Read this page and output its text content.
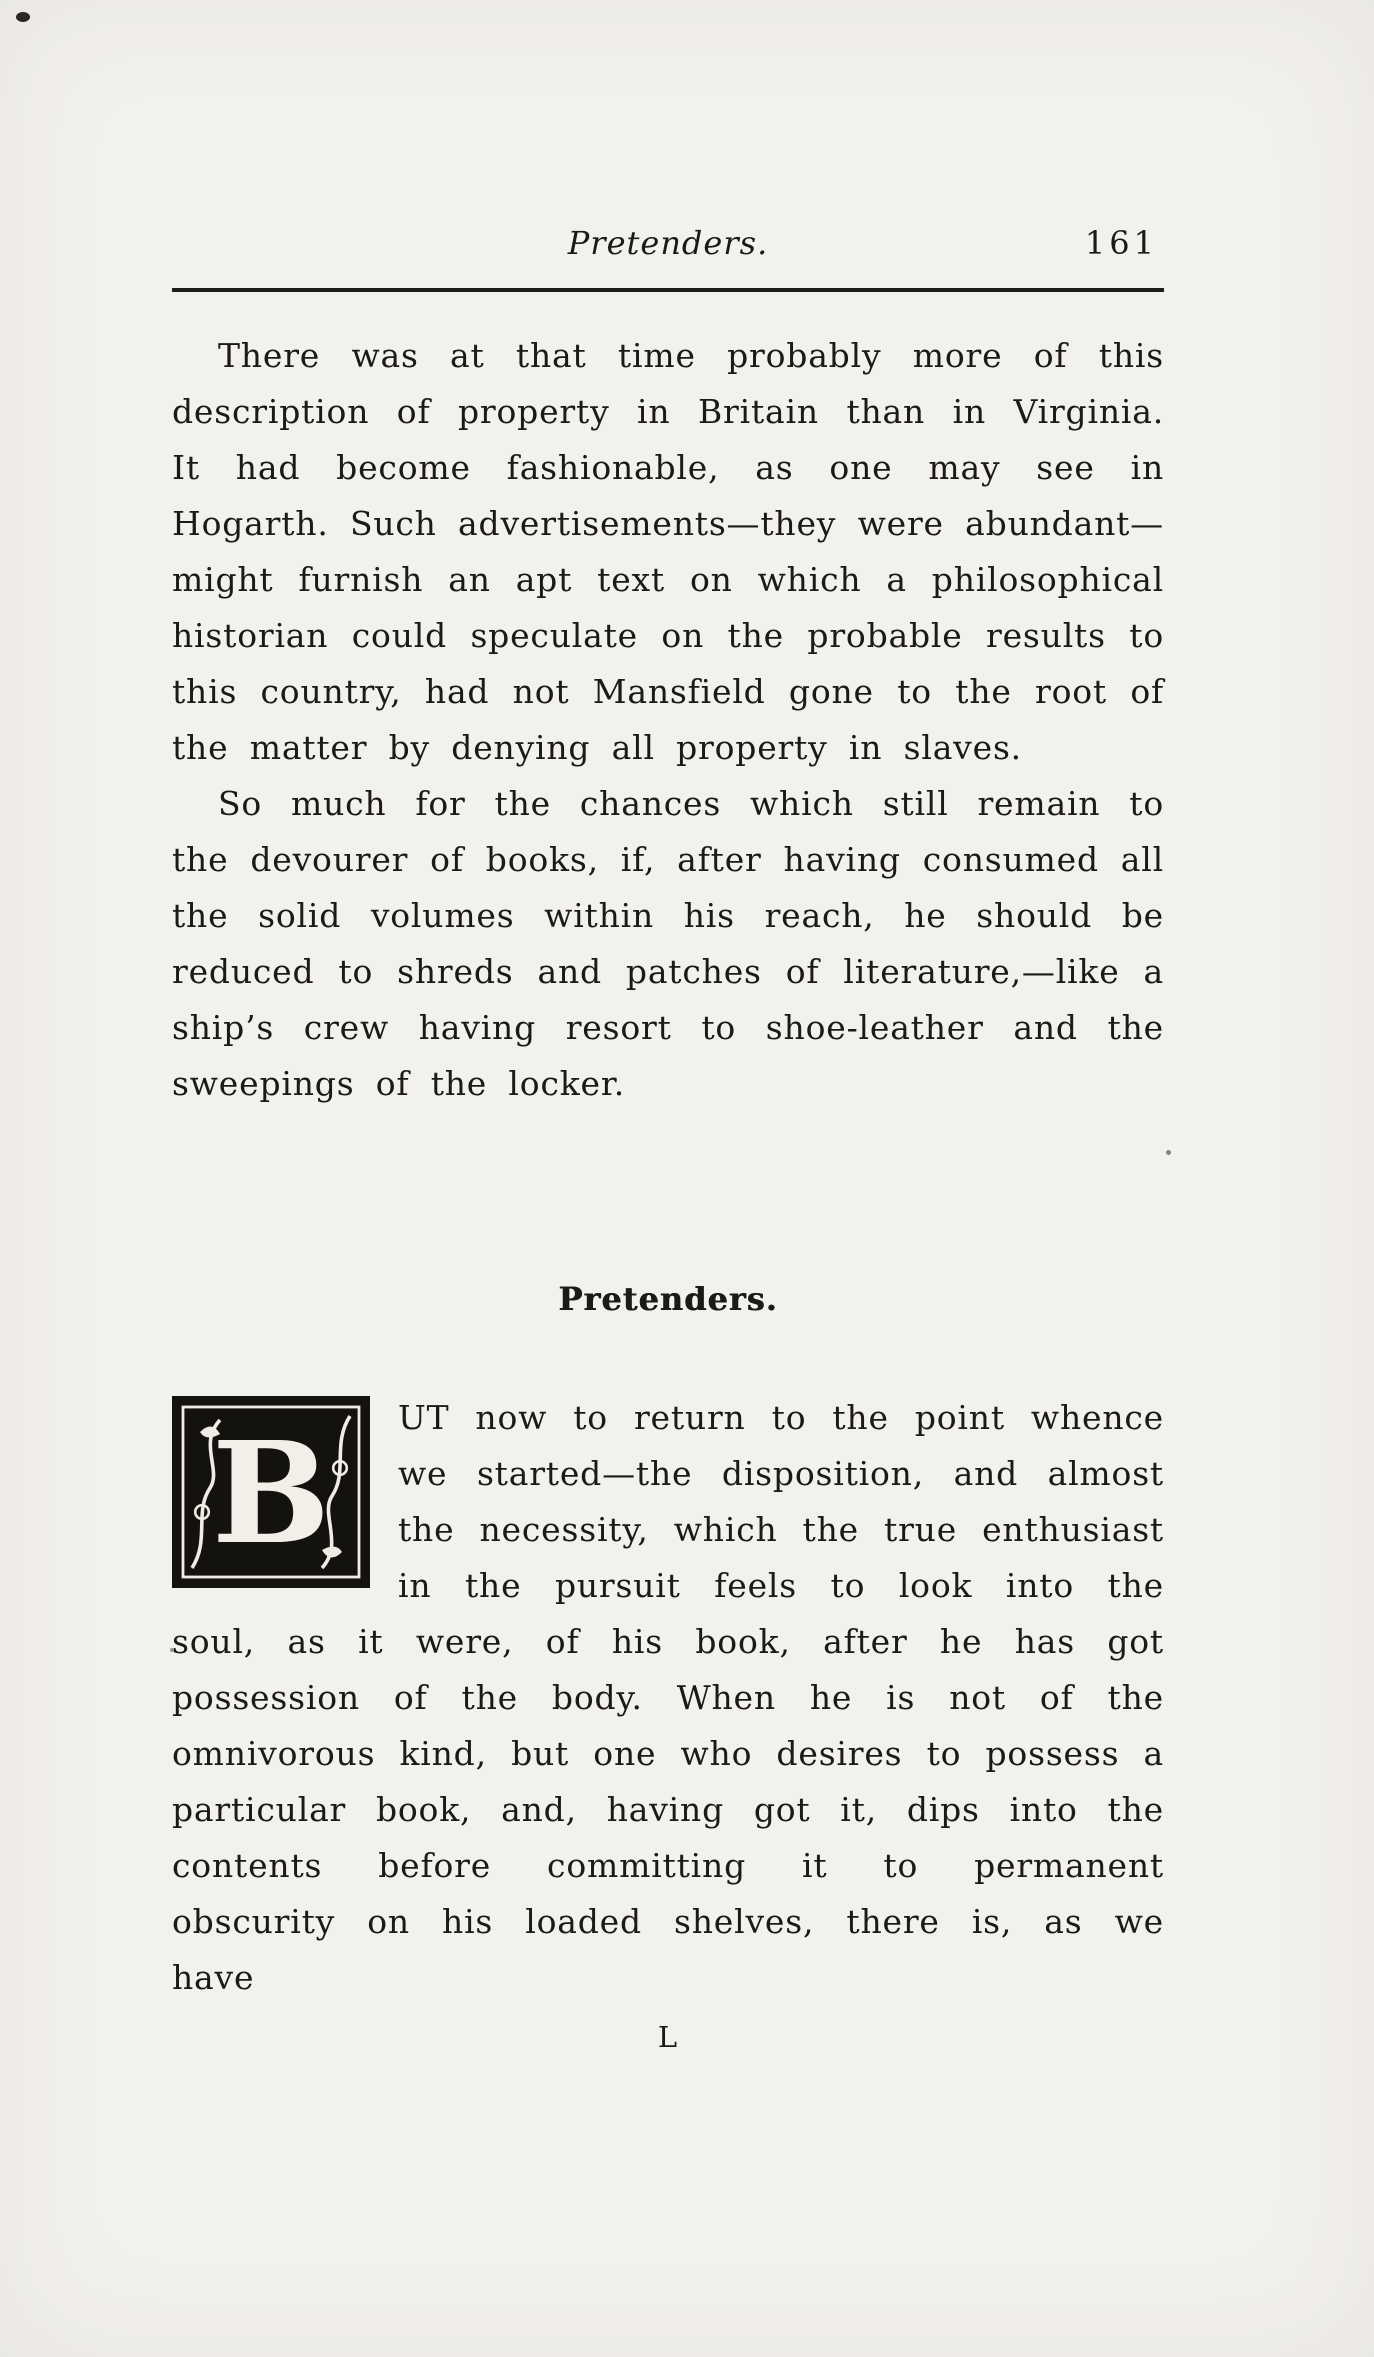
Pretenders.	161

There was at that time probably more of this description of property in Britain than in Virginia. It had become fashionable, as one may see in Hogarth. Such advertisements—they were abundant—might furnish an apt text on which a philosophical historian could speculate on the probable results to this country, had not Mansfield gone to the root of the matter by denying all property in slaves.

So much for the chances which still remain to the devourer of books, if, after having consumed all the solid volumes within his reach, he should be reduced to shreds and patches of literature,—like a ship’s crew having resort to shoe-leather and the sweepings of the locker.

Pretenders.
B	UT now to return to the point whence we started—the disposition, and almost the necessity, which the true enthusiast in the pursuit feels to look into the soul, as it were, of his book, after he has got possession of the body. When he is not of the omnivorous kind, but one who desires to possess a particular book, and, having got it, dips into the contents before committing it to permanent obscurity on his loaded shelves, there is, as we have

L
